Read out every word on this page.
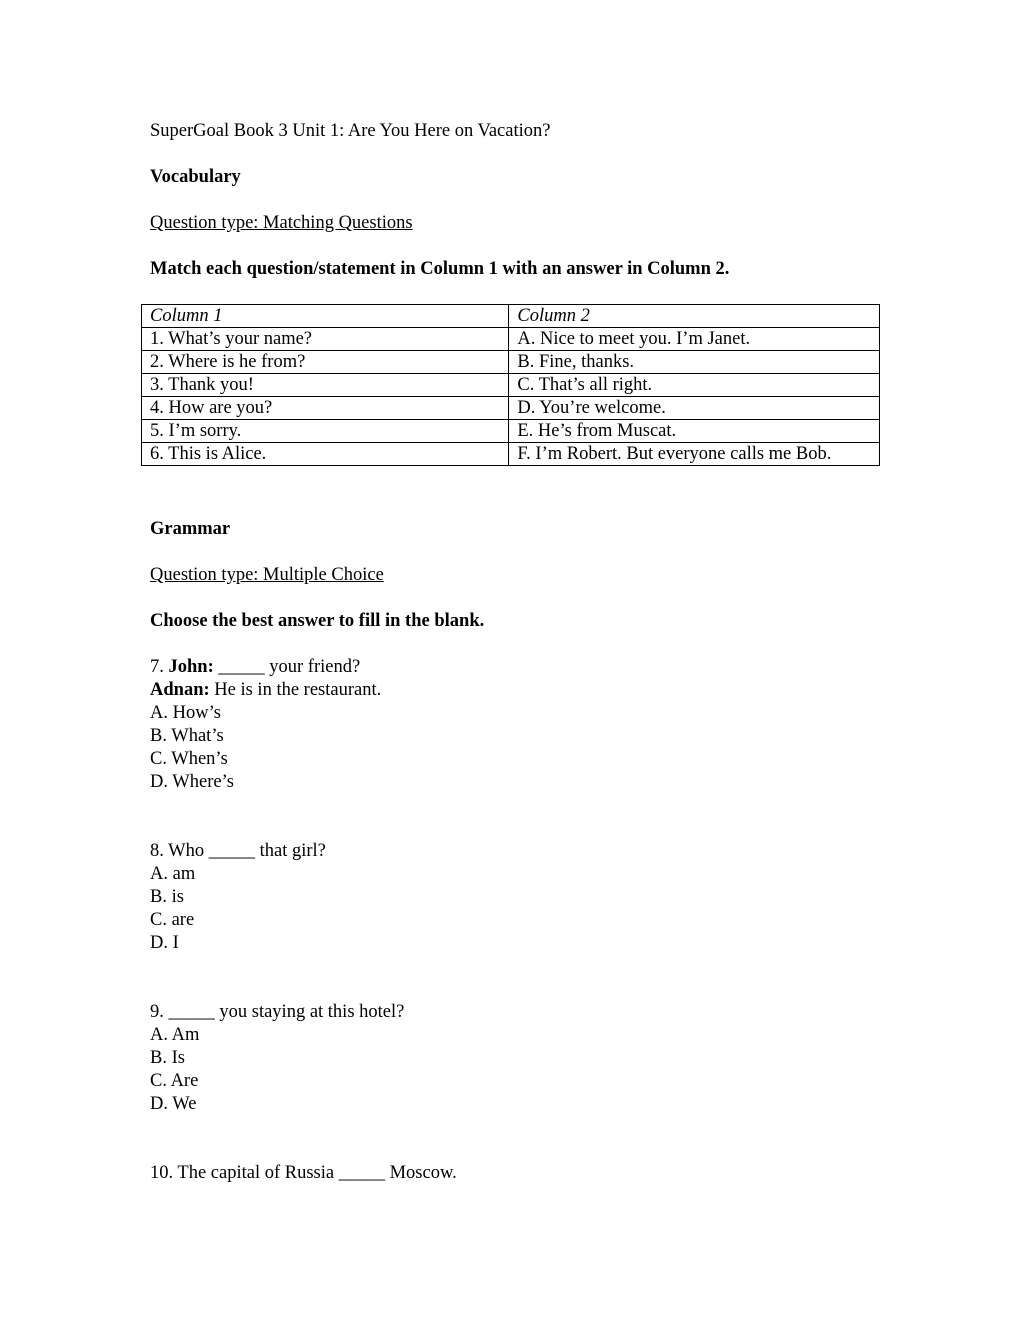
SuperGoal Book 3 Unit 1: Are You Here on Vacation?
Vocabulary
Question type: Matching Questions
Match each question/statement in Column 1 with an answer in Column 2.
Column 1	Column 2
1. What’s your name?	A. Nice to meet you. I’m Janet.
2. Where is he from?	B. Fine, thanks.
3. Thank you!	C. That’s all right.
4. How are you?	D. You’re welcome.
5. I’m sorry.	E. He’s from Muscat.
6. This is Alice.	F. I’m Robert. But everyone calls me Bob.
Grammar
Question type: Multiple Choice
Choose the best answer to fill in the blank.
7. John: _____ your friend?
Adnan: He is in the restaurant.
A. How’s
B. What’s
C. When’s
D. Where’s
8. Who _____ that girl?
A. am
B. is
C. are
D. I
9. _____ you staying at this hotel?
A. Am
B. Is
C. Are
D. We
10. The capital of Russia _____ Moscow.
